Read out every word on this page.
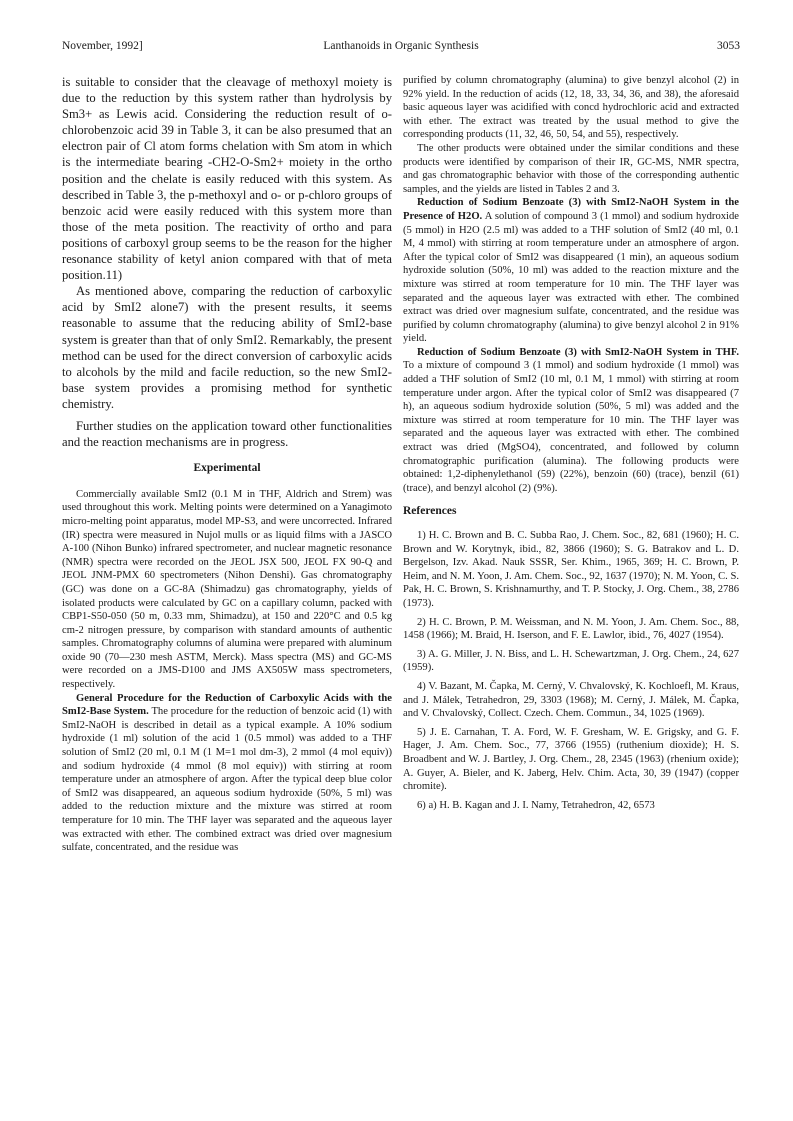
November, 1992]	Lanthanoids in Organic Synthesis	3053

is suitable to consider that the cleavage of methoxyl moiety is due to the reduction by this system rather than hydrolysis by Sm3+ as Lewis acid. Considering the reduction result of o-chlorobenzoic acid 39 in Table 3, it can be also presumed that an electron pair of Cl atom forms chelation with Sm atom in which is the intermediate bearing -CH2-O-Sm2+ moiety in the ortho position and the chelate is easily reduced with this system. As described in Table 3, the p-methoxyl and o- or p-chloro groups of benzoic acid were easily reduced with this system more than those of the meta position. The reactivity of ortho and para positions of carboxyl group seems to be the reason for the higher resonance stability of ketyl anion compared with that of meta position.11)

As mentioned above, comparing the reduction of carboxylic acid by SmI2 alone7) with the present results, it seems reasonable to assume that the reducing ability of SmI2-base system is greater than that of only SmI2. Remarkably, the present method can be used for the direct conversion of carboxylic acids to alcohols by the mild and facile reduction, so the new SmI2-base system provides a promising method for synthetic chemistry.

Further studies on the application toward other functionalities and the reaction mechanisms are in progress.

Experimental

Commercially available SmI2 (0.1 M in THF, Aldrich and Strem) was used throughout this work. Melting points were determined on a Yanagimoto micro-melting point apparatus, model MP-S3, and were uncorrected. Infrared (IR) spectra were measured in Nujol mulls or as liquid films with a JASCO A-100 (Nihon Bunko) infrared spectrometer, and nuclear magnetic resonance (NMR) spectra were recorded on the JEOL JSX 500, JEOL FX 90-Q and JEOL JNM-PMX 60 spectrometers (Nihon Denshi). Gas chromatography (GC) was done on a GC-8A (Shimadzu) gas chromatography, yields of isolated products were calculated by GC on a capillary column, packed with CBP1-S50-050 (50 m, 0.33 mm, Shimadzu), at 150 and 220°C and 0.5 kg cm-2 nitrogen pressure, by comparison with standard amounts of authentic samples. Chromatography columns of alumina were prepared with aluminum oxide 90 (70—230 mesh ASTM, Merck). Mass spectra (MS) and GC-MS were recorded on a JMS-D100 and JMS AX505W mass spectrometers, respectively.

General Procedure for the Reduction of Carboxylic Acids with the SmI2-Base System. The procedure for the reduction of benzoic acid (1) with SmI2-NaOH is described in detail as a typical example. A 10% sodium hydroxide (1 ml) solution of the acid 1 (0.5 mmol) was added to a THF solution of SmI2 (20 ml, 0.1 M (1 M=1 mol dm-3), 2 mmol (4 mol equiv)) and sodium hydroxide (4 mmol (8 mol equiv)) with stirring at room temperature under an atmosphere of argon. After the typical deep blue color of SmI2 was disappeared, an aqueous sodium hydroxide (50%, 5 ml) was added to the reduction mixture and the mixture was stirred at room temperature for 10 min. The THF layer was separated and the aqueous layer was extracted with ether. The combined extract was dried over magnesium sulfate, concentrated, and the residue was

purified by column chromatography (alumina) to give benzyl alcohol (2) in 92% yield. In the reduction of acids (12, 18, 33, 34, 36, and 38), the aforesaid basic aqueous layer was acidified with concd hydrochloric acid and extracted with ether. The extract was treated by the usual method to give the corresponding products (11, 32, 46, 50, 54, and 55), respectively.

The other products were obtained under the similar conditions and these products were identified by comparison of their IR, GC-MS, NMR spectra, and gas chromatographic behavior with those of the corresponding authentic samples, and the yields are listed in Tables 2 and 3.

Reduction of Sodium Benzoate (3) with SmI2-NaOH System in the Presence of H2O. A solution of compound 3 (1 mmol) and sodium hydroxide (5 mmol) in H2O (2.5 ml) was added to a THF solution of SmI2 (40 ml, 0.1 M, 4 mmol) with stirring at room temperature under an atmosphere of argon. After the typical color of SmI2 was disappeared (1 min), an aqueous sodium hydroxide solution (50%, 10 ml) was added to the reaction mixture and the mixture was stirred at room temperature for 10 min. The THF layer was separated and the aqueous layer was extracted with ether. The combined extract was dried over magnesium sulfate, concentrated, and the residue was purified by column chromatography (alumina) to give benzyl alcohol 2 in 91% yield.

Reduction of Sodium Benzoate (3) with SmI2-NaOH System in THF. To a mixture of compound 3 (1 mmol) and sodium hydroxide (1 mmol) was added a THF solution of SmI2 (10 ml, 0.1 M, 1 mmol) with stirring at room temperature under argon. After the typical color of SmI2 was disappeared (7 h), an aqueous sodium hydroxide solution (50%, 5 ml) was added and the mixture was stirred at room temperature for 10 min. The THF layer was separated and the aqueous layer was extracted with ether. The combined extract was dried (MgSO4), concentrated, and followed by column chromatographic purification (alumina). The following products were obtained: 1,2-diphenylethanol (59) (22%), benzoin (60) (trace), benzil (61) (trace), and benzyl alcohol (2) (9%).

References

1) H. C. Brown and B. C. Subba Rao, J. Chem. Soc., 82, 681 (1960); H. C. Brown and W. Korytnyk, ibid., 82, 3866 (1960); S. G. Batrakov and L. D. Bergelson, Izv. Akad. Nauk SSSR, Ser. Khim., 1965, 369; H. C. Brown, P. Heim, and N. M. Yoon, J. Am. Chem. Soc., 92, 1637 (1970); N. M. Yoon, C. S. Pak, H. C. Brown, S. Krishnamurthy, and T. P. Stocky, J. Org. Chem., 38, 2786 (1973).

2) H. C. Brown, P. M. Weissman, and N. M. Yoon, J. Am. Chem. Soc., 88, 1458 (1966); M. Braid, H. Iserson, and F. E. Lawlor, ibid., 76, 4027 (1954).

3) A. G. Miller, J. N. Biss, and L. H. Schewartzman, J. Org. Chem., 24, 627 (1959).

4) V. Bazant, M. Čapka, M. Cerný, V. Chvalovský, K. Kochloefl, M. Kraus, and J. Málek, Tetrahedron, 29, 3303 (1968); M. Cerný, J. Málek, M. Čapka, and V. Chvalovský, Collect. Czech. Chem. Commun., 34, 1025 (1969).

5) J. E. Carnahan, T. A. Ford, W. F. Gresham, W. E. Grigsky, and G. F. Hager, J. Am. Chem. Soc., 77, 3766 (1955) (ruthenium dioxide); H. S. Broadbent and W. J. Bartley, J. Org. Chem., 28, 2345 (1963) (rhenium oxide); A. Guyer, A. Bieler, and K. Jaberg, Helv. Chim. Acta, 30, 39 (1947) (copper chromite).

6) a) H. B. Kagan and J. I. Namy, Tetrahedron, 42, 6573
